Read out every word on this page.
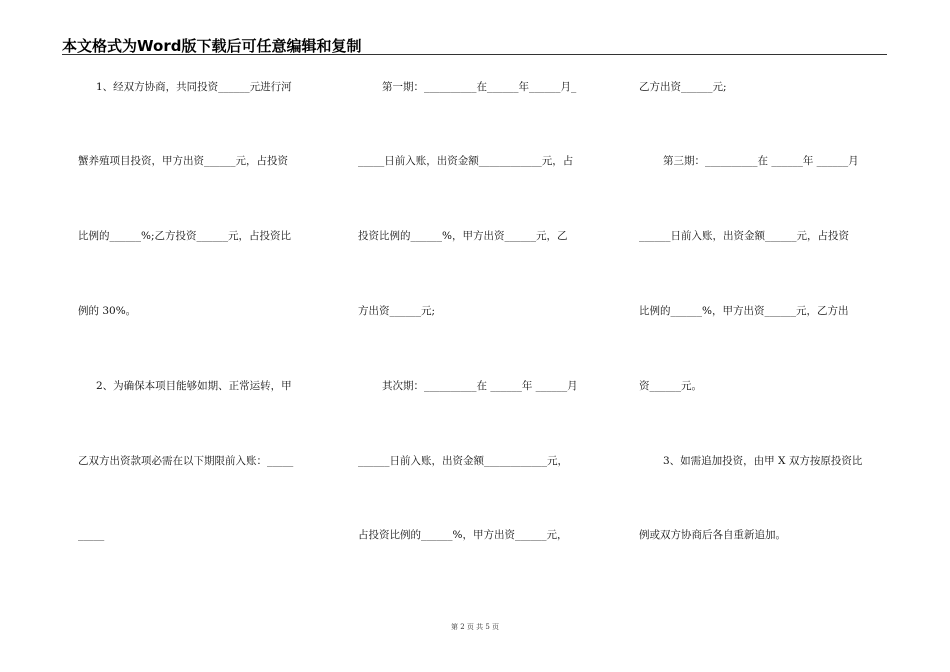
本文格式为Word版下载后可任意编辑和复制
1、经双方协商，共同投资______元进行河
蟹养殖项目投资，甲方出资______元，占投资
比例的______%;乙方投资______元，占投资比
例的 30%。
2、为确保本项目能够如期、正常运转，甲
乙双方出资款项必需在以下期限前入账：_____
_____
第一期：__________在______年______月_
_____日前入账，出资金额____________元，占
投资比例的______%，甲方出资______元，乙
方出资______元;
其次期：__________在 ______年 ______月
______日前入账，出资金额____________元，
占投资比例的______%，甲方出资______元，
乙方出资______元;
第三期：__________在 ______年 ______月
______日前入账，出资金额______元，占投资
比例的______%，甲方出资______元，乙方出
资______元。
3、如需追加投资，由甲 X 双方按原投资比
例或双方协商后各自重新追加。
第 2 页 共 5 页
